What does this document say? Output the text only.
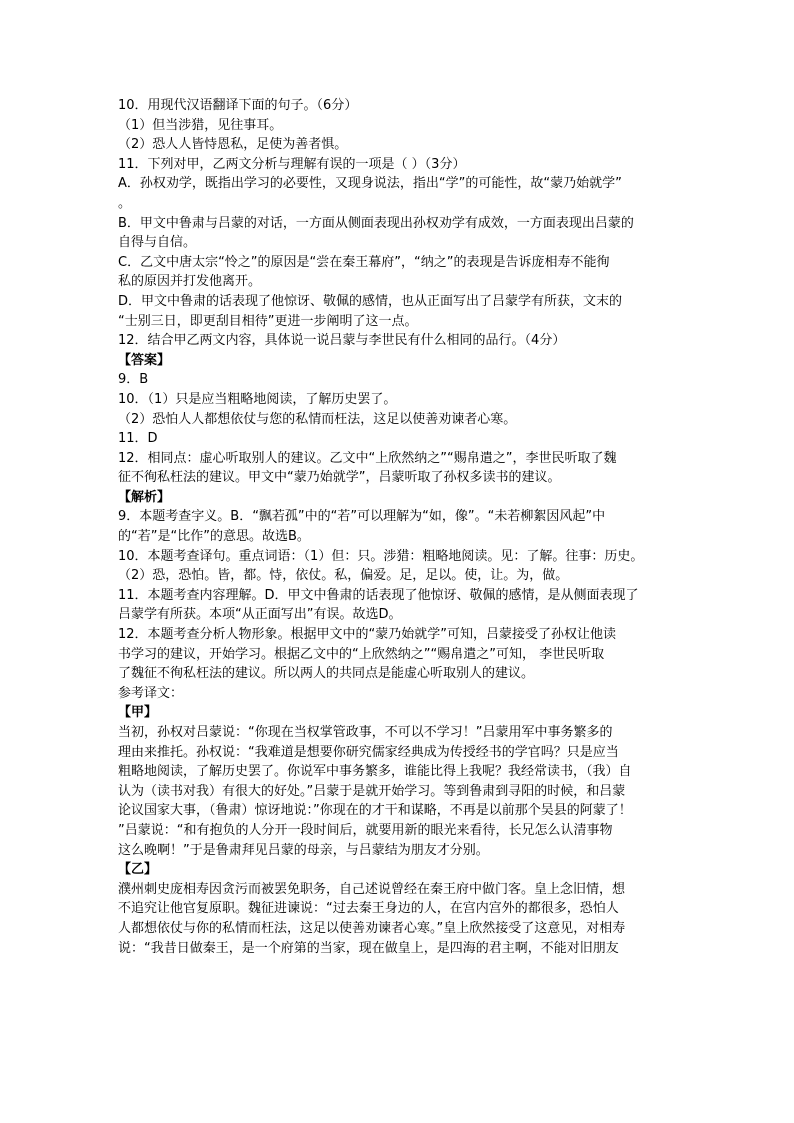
10．用现代汉语翻译下面的句子。（6分）
（1）但当涉猎，见往事耳。
（2）恐人人皆恃恩私，足使为善者惧。
11．下列对甲，乙两文分析与理解有误的一项是（ ）（3分）
A．孙权劝学，既指出学习的必要性，又现身说法，指出“学”的可能性，故“蒙乃始就学”
。
B．甲文中鲁肃与吕蒙的对话，一方面从侧面表现出孙权劝学有成效，一方面表现出吕蒙的
自得与自信。
C．乙文中唐太宗“怜之”的原因是“尝在秦王幕府”，“纳之”的表现是告诉庞相寿不能徇
私的原因并打发他离开。
D．甲文中鲁肃的话表现了他惊讶、敬佩的感情，也从正面写出了吕蒙学有所获，文末的
“士别三日，即更刮目相待”更进一步阐明了这一点。
12．结合甲乙两文内容，具体说一说吕蒙与李世民有什么相同的品行。（4分）
【答案】
9．B
10．（1）只是应当粗略地阅读，了解历史罢了。
（2）恐怕人人都想依仗与您的私情而枉法，这足以使善劝谏者心寒。
11．D
12．相同点：虚心听取别人的建议。乙文中“上欣然纳之”“赐帛遣之”，李世民听取了魏
征不徇私枉法的建议。甲文中“蒙乃始就学”，吕蒙听取了孙权多读书的建议。
【解析】
9．本题考查字义。B．“飘若孤”中的“若”可以理解为“如，像”。“未若柳絮因风起”中
的“若”是“比作”的意思。故选B。
10．本题考查译句。重点词语：（1）但：只。涉猎：粗略地阅读。见：了解。往事：历史。
（2）恐，恐怕。皆，都。恃，依仗。私，偏爱。足，足以。使，让。为，做。
11．本题考查内容理解。D．甲文中鲁肃的话表现了他惊讶、敬佩的感情，是从侧面表现了
吕蒙学有所获。本项“从正面写出”有误。故选D。
12．本题考查分析人物形象。根据甲文中的“蒙乃始就学”可知，吕蒙接受了孙权让他读
书学习的建议，开始学习。根据乙文中的“上欣然纳之”“赐帛遣之”可知， 李世民听取
了魏征不徇私枉法的建议。所以两人的共同点是能虚心听取别人的建议。
参考译文：
【甲】
当初，孙权对吕蒙说：“你现在当权掌管政事，不可以不学习！”吕蒙用军中事务繁多的
理由来推托。孙权说：“我难道是想要你研究儒家经典成为传授经书的学官吗？只是应当
粗略地阅读，了解历史罢了。你说军中事务繁多，谁能比得上我呢？我经常读书，（我）自
认为（读书对我）有很大的好处。”吕蒙于是就开始学习。等到鲁肃到寻阳的时候，和吕蒙
论议国家大事，（鲁肃）惊讶地说：”你现在的才干和谋略，不再是以前那个吴县的阿蒙了！
”吕蒙说：“和有抱负的人分开一段时间后，就要用新的眼光来看待，长兄怎么认清事物
这么晚啊！”于是鲁肃拜见吕蒙的母亲，与吕蒙结为朋友才分别。
【乙】
濮州刺史庞相寿因贪污而被罢免职务，自己述说曾经在秦王府中做门客。皇上念旧情，想
不追究让他官复原职。魏征进谏说：“过去秦王身边的人，在宫内宫外的都很多，恐怕人
人都想依仗与你的私情而枉法，这足以使善劝谏者心寒。”皇上欣然接受了这意见，对相寿
说：“我昔日做秦王，是一个府第的当家，现在做皇上，是四海的君主啊，不能对旧朋友
